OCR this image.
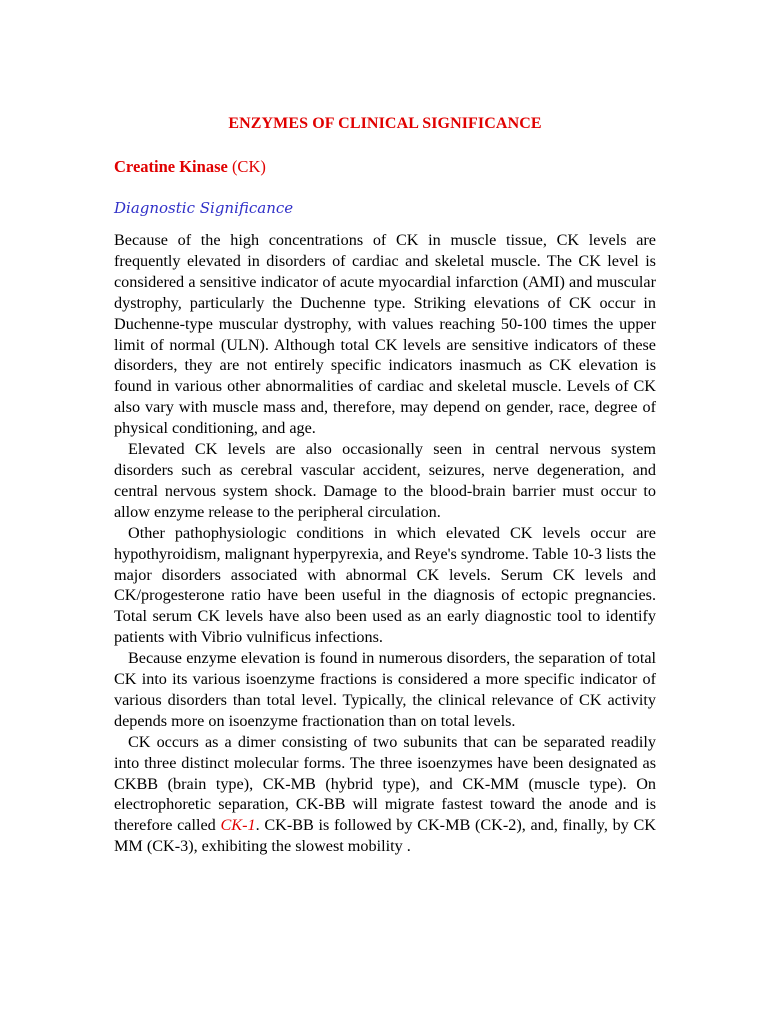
ENZYMES OF CLINICAL SIGNIFICANCE
Creatine Kinase (CK)
Diagnostic Significance

Because of the high concentrations of CK in muscle tissue, CK levels are frequently elevated in disorders of cardiac and skeletal muscle. The CK level is considered a sensitive indicator of acute myocardial infarction (AMI) and muscular dystrophy, particularly the Duchenne type. Striking elevations of CK occur in Duchenne-type muscular dystrophy, with values reaching 50-100 times the upper limit of normal (ULN). Although total CK levels are sensitive indicators of these disorders, they are not entirely specific indicators inasmuch as CK elevation is found in various other abnormalities of cardiac and skeletal muscle. Levels of CK also vary with muscle mass and, therefore, may depend on gender, race, degree of physical conditioning, and age.

Elevated CK levels are also occasionally seen in central nervous system disorders such as cerebral vascular accident, seizures, nerve degeneration, and central nervous system shock. Damage to the blood-brain barrier must occur to allow enzyme release to the peripheral circulation.

Other pathophysiologic conditions in which elevated CK levels occur are hypothyroidism, malignant hyperpyrexia, and Reye's syndrome. Table 10-3 lists the major disorders associated with abnormal CK levels. Serum CK levels and CK/progesterone ratio have been useful in the diagnosis of ectopic pregnancies. Total serum CK levels have also been used as an early diagnostic tool to identify patients with Vibrio vulnificus infections.

Because enzyme elevation is found in numerous disorders, the separation of total CK into its various isoenzyme fractions is considered a more specific indicator of various disorders than total level. Typically, the clinical relevance of CK activity depends more on isoenzyme fractionation than on total levels.

CK occurs as a dimer consisting of two subunits that can be separated readily into three distinct molecular forms. The three isoenzymes have been designated as CKBB (brain type), CK-MB (hybrid type), and CK-MM (muscle type). On electrophoretic separation, CK-BB will migrate fastest toward the anode and is therefore called CK-1. CK-BB is followed by CK-MB (CK-2), and, finally, by CK MM (CK-3), exhibiting the slowest mobility .
